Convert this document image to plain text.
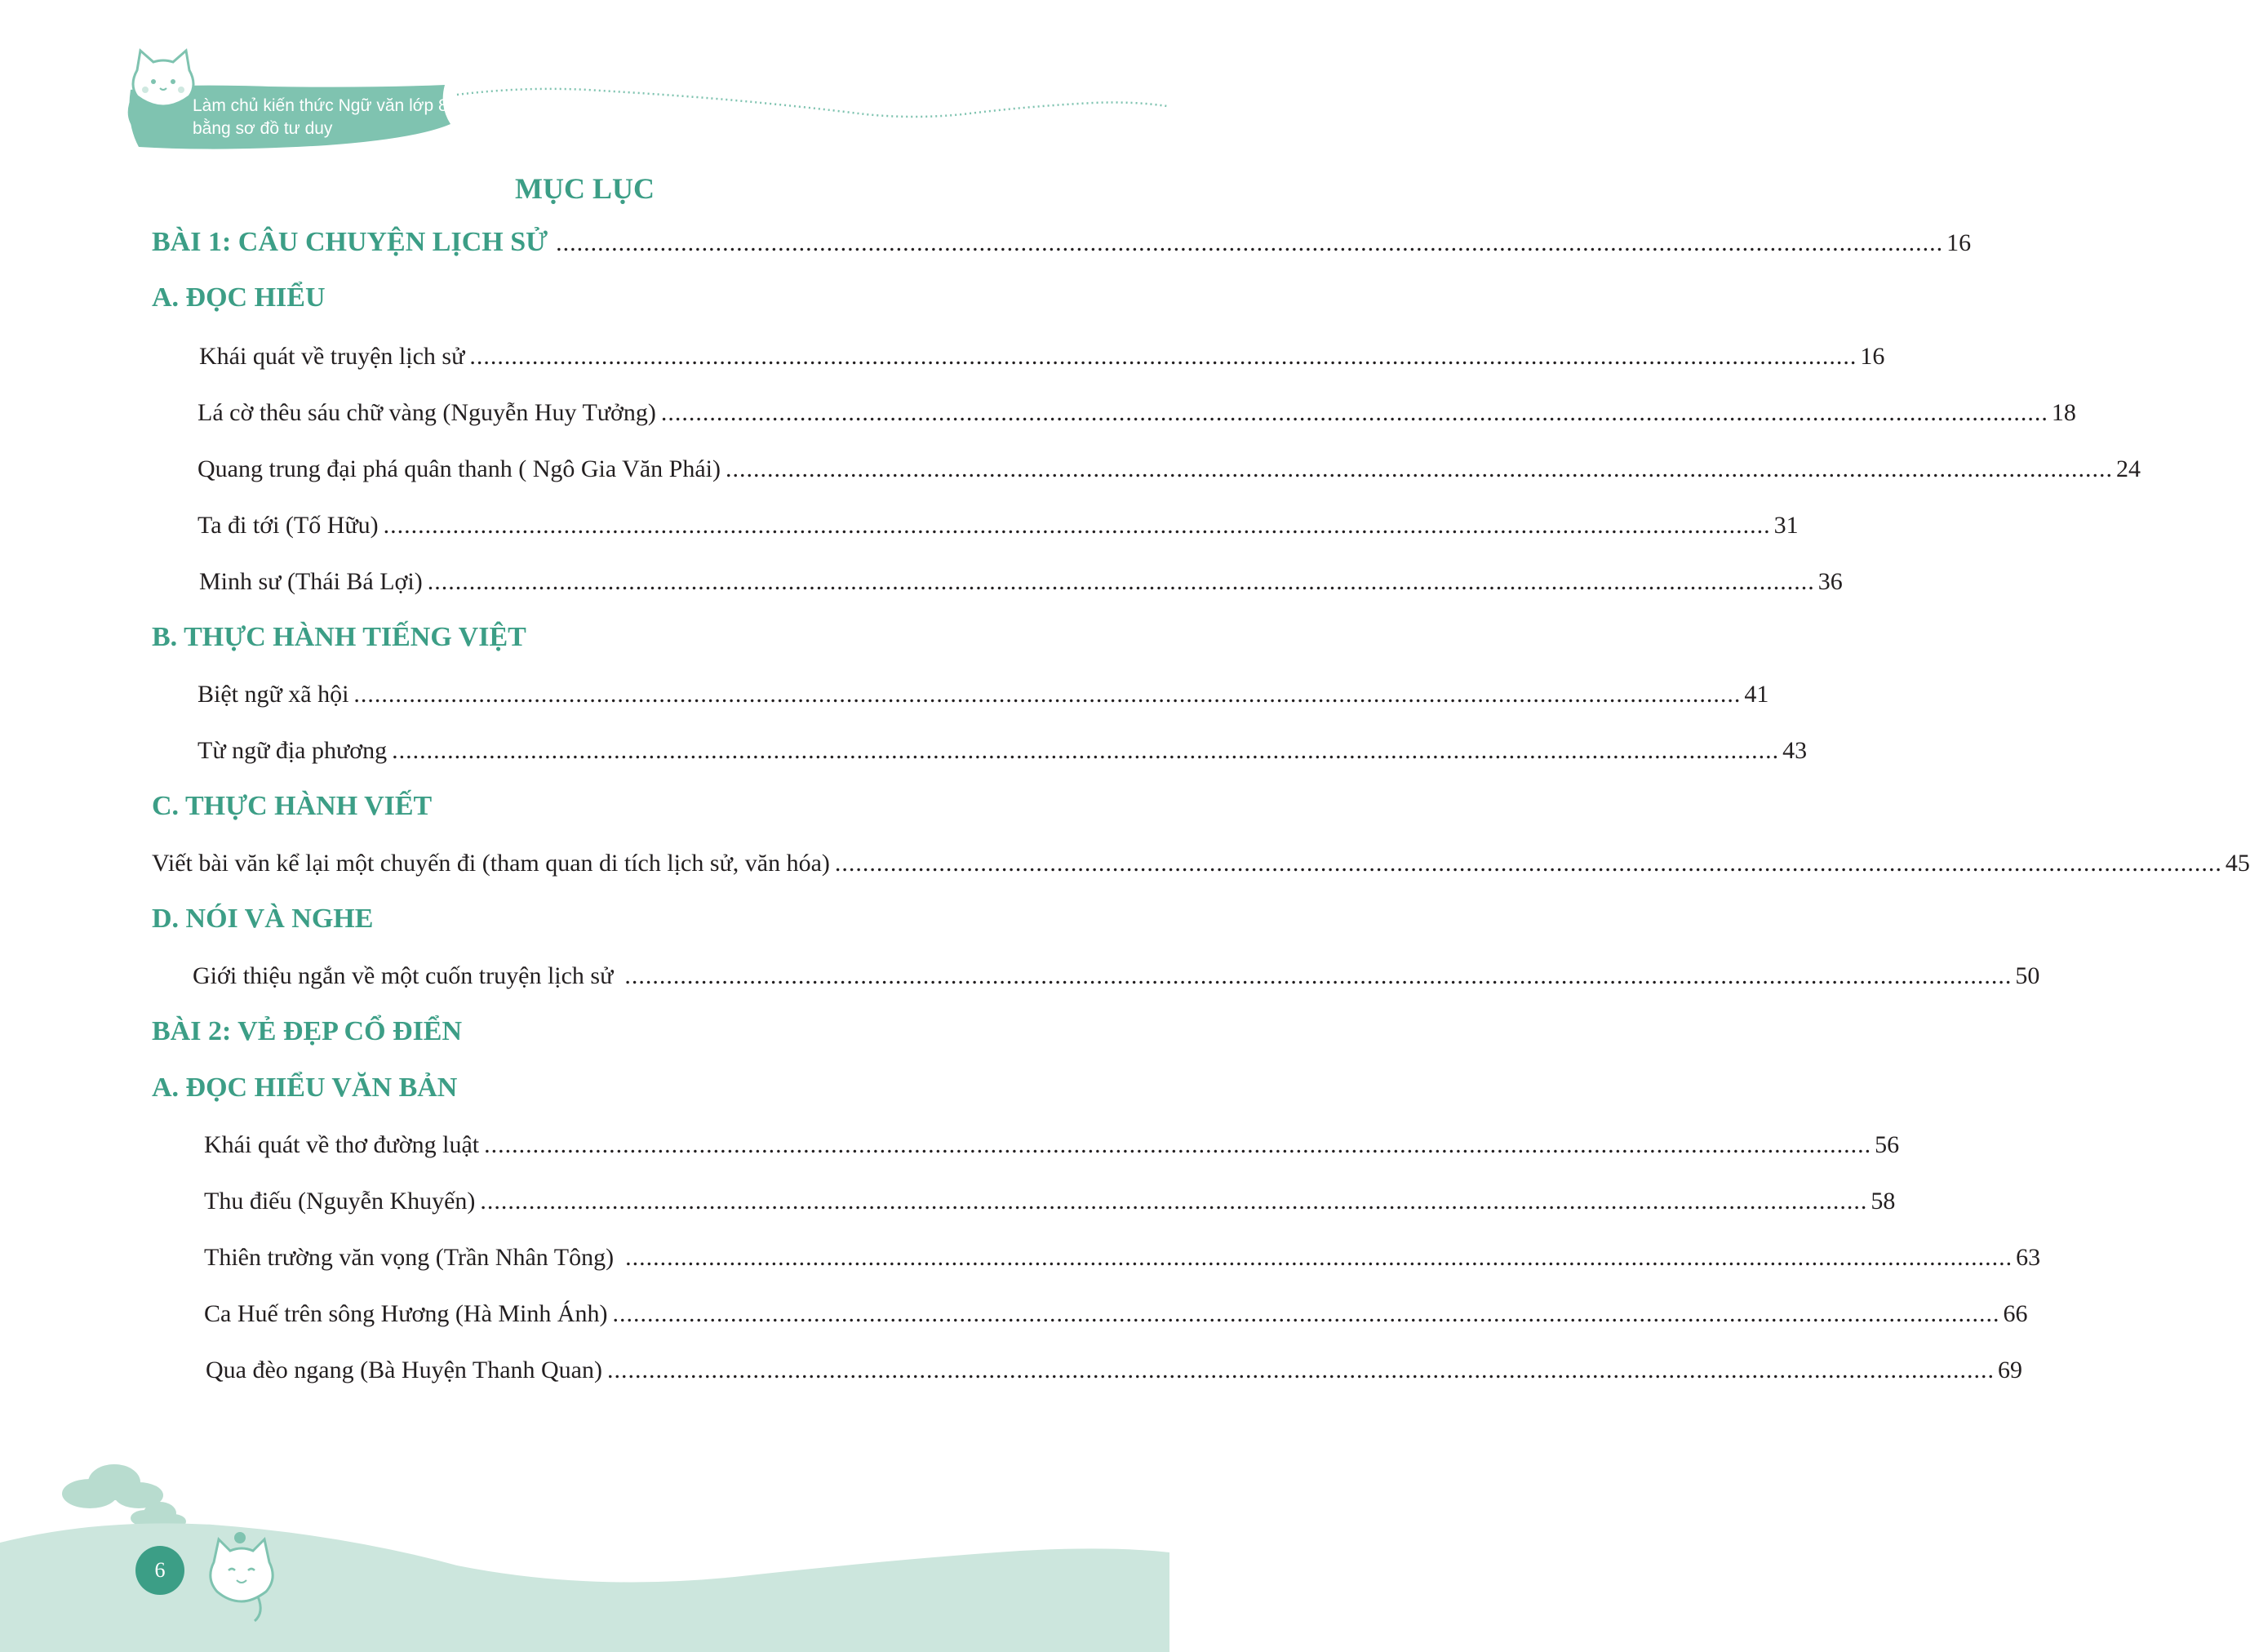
Làm chủ kiến thức Ngữ văn lớp 8
bằng sơ đồ tư duy
MỤC LỤC
BÀI 1: CÂU CHUYỆN LỊCH SỬ ........................................................................................................................................................................................................ 16
A. ĐỌC HIỂU
Khái quát về truyện lịch sử ........................................................................................................................................................................................................ 16
Lá cờ thêu sáu chữ vàng (Nguyễn Huy Tưởng) ........................................................................................................................................................................................................ 18
Quang trung đại phá quân thanh ( Ngô Gia Văn Phái) ........................................................................................................................................................................................................ 24
Ta đi tới (Tố Hữu) ........................................................................................................................................................................................................ 31
Minh sư (Thái Bá Lợi) ........................................................................................................................................................................................................ 36
B. THỰC HÀNH TIẾNG VIỆT
Biệt ngữ xã hội ........................................................................................................................................................................................................ 41
Từ ngữ địa phương ........................................................................................................................................................................................................ 43
C. THỰC HÀNH VIẾT
Viết bài văn kể lại một chuyến đi (tham quan di tích lịch sử, văn hóa) ........................................................................................................................................................................................................ 45
D. NÓI VÀ NGHE
Giới thiệu ngắn về một cuốn truyện lịch sử ........................................................................................................................................................................................................ 50
BÀI 2: VẺ ĐẸP CỔ ĐIỂN
A. ĐỌC HIỂU VĂN BẢN
Khái quát về thơ đường luật ........................................................................................................................................................................................................ 56
Thu điếu (Nguyễn Khuyến) ........................................................................................................................................................................................................ 58
Thiên trường văn vọng (Trần Nhân Tông) ........................................................................................................................................................................................................ 63
Ca Huế trên sông Hương (Hà Minh Ánh) ........................................................................................................................................................................................................ 66
Qua đèo ngang (Bà Huyện Thanh Quan) ........................................................................................................................................................................................................ 69
6
